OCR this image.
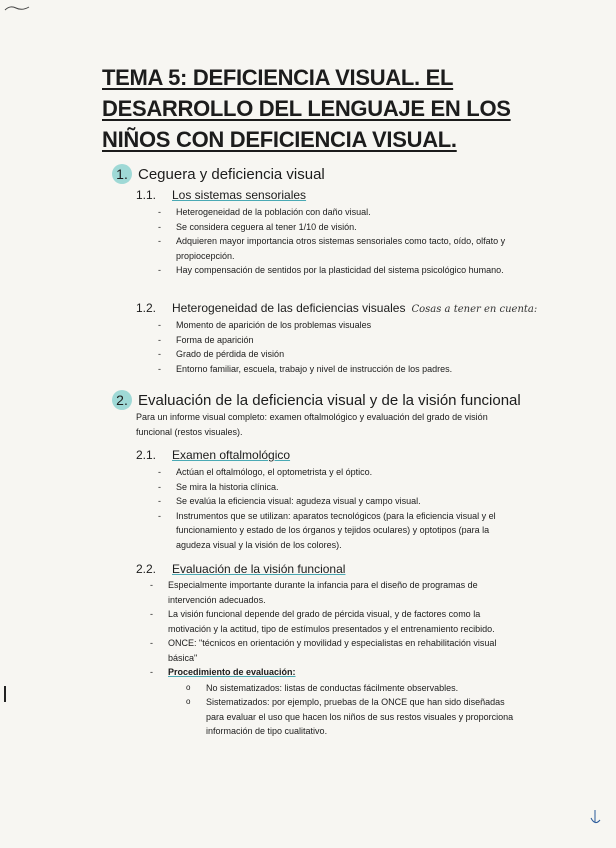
TEMA 5: DEFICIENCIA VISUAL. EL DESARROLLO DEL LENGUAJE EN LOS NIÑOS CON DEFICIENCIA VISUAL.
1. Ceguera y deficiencia visual
1.1. Los sistemas sensoriales
- Heterogeneidad de la población con daño visual.
- Se considera ceguera al tener 1/10 de visión.
- Adquieren mayor importancia otros sistemas sensoriales como tacto, oído, olfato y propiocepción.
- Hay compensación de sentidos por la plasticidad del sistema psicológico humano.
1.2. Heterogeneidad de las deficiencias visuales Cosas a tener en cuenta:
- Momento de aparición de los problemas visuales
- Forma de aparición
- Grado de pérdida de visión
- Entorno familiar, escuela, trabajo y nivel de instrucción de los padres.
2. Evaluación de la deficiencia visual y de la visión funcional
Para un informe visual completo: examen oftalmológico y evaluación del grado de visión funcional (restos visuales).
2.1. Examen oftalmológico
- Actúan el oftalmólogo, el optometrista y el óptico.
- Se mira la historia clínica.
- Se evalúa la eficiencia visual: agudeza visual y campo visual.
- Instrumentos que se utilizan: aparatos tecnológicos (para la eficiencia visual y el funcionamiento y estado de los órganos y tejidos oculares) y optotipos (para la agudeza visual y la visión de los colores).
2.2. Evaluación de la visión funcional
- Especialmente importante durante la infancia para el diseño de programas de intervención adecuados.
- La visión funcional depende del grado de pércida visual, y de factores como la motivación y la actitud, tipo de estímulos presentados y el entrenamiento recibido.
- ONCE: "técnicos en orientación y movilidad y especialistas en rehabilitación visual básica"
- Procedimiento de evaluación:
o No sistematizados: listas de conductas fácilmente observables.
o Sistematizados: por ejemplo, pruebas de la ONCE que han sido diseñadas para evaluar el uso que hacen los niños de sus restos visuales y proporciona información de tipo cualitativo.
